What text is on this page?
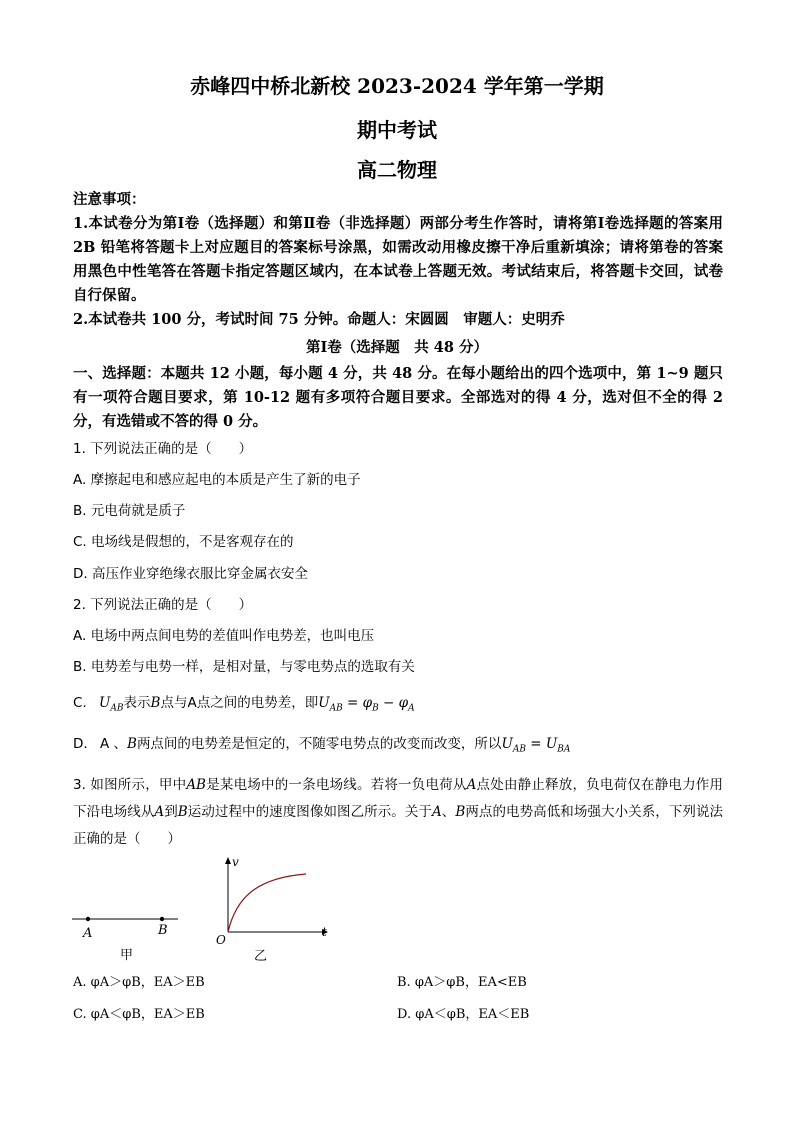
赤峰四中桥北新校 2023-2024 学年第一学期
期中考试
高二物理

注意事项：

1.本试卷分为第Ⅰ卷（选择题）和第Ⅱ卷（非选择题）两部分考生作答时，请将第Ⅰ卷选择题的答案用 2B 铅笔将答题卡上对应题目的答案标号涂黑，如需改动用橡皮擦干净后重新填涂；请将第卷的答案用黑色中性笔答在答题卡指定答题区域内，在本试卷上答题无效。考试结束后，将答题卡交回，试卷自行保留。

2.本试卷共 100 分，考试时间 75 分钟。命题人：宋圆圆　审题人：史明乔

第Ⅰ卷（选择题　共 48 分）
一、选择题：本题共 12 小题，每小题 4 分，共 48 分。在每小题给出的四个选项中，第 1~9 题只有一项符合题目要求，第 10-12 题有多项符合题目要求。全部选对的得 4 分，选对但不全的得 2 分，有选错或不答的得 0 分。
1. 下列说法正确的是（　　）
A. 摩擦起电和感应起电的本质是产生了新的电子
B. 元电荷就是质子
C. 电场线是假想的，不是客观存在的
D. 高压作业穿绝缘衣服比穿金属衣安全
2. 下列说法正确的是（　　）
A. 电场中两点间电势的差值叫作电势差，也叫电压
B. 电势差与电势一样，是相对量，与零电势点的选取有关
C. $U_{AB}$表示B点与A点之间的电势差，即$U_{AB} = \varphi_B - \varphi_A$
D. A 、B两点间的电势差是恒定的，不随零电势点的改变而改变，所以$U_{AB} = U_{BA}$
3. 如图所示，甲中AB是某电场中的一条电场线。若将一负电荷从A点处由静止释放，负电荷仅在静电力作用下沿电场线从A到B运动过程中的速度图像如图乙所示。关于A、B两点的电势高低和场强大小关系，下列说法正确的是（　　）
A	B
甲
v
t
O
乙
A. φA＞φB，EA＞EB	B. φA＞φB，EA<EB
C. φA＜φB，EA＞EB	D. φA＜φB，EA＜EB
